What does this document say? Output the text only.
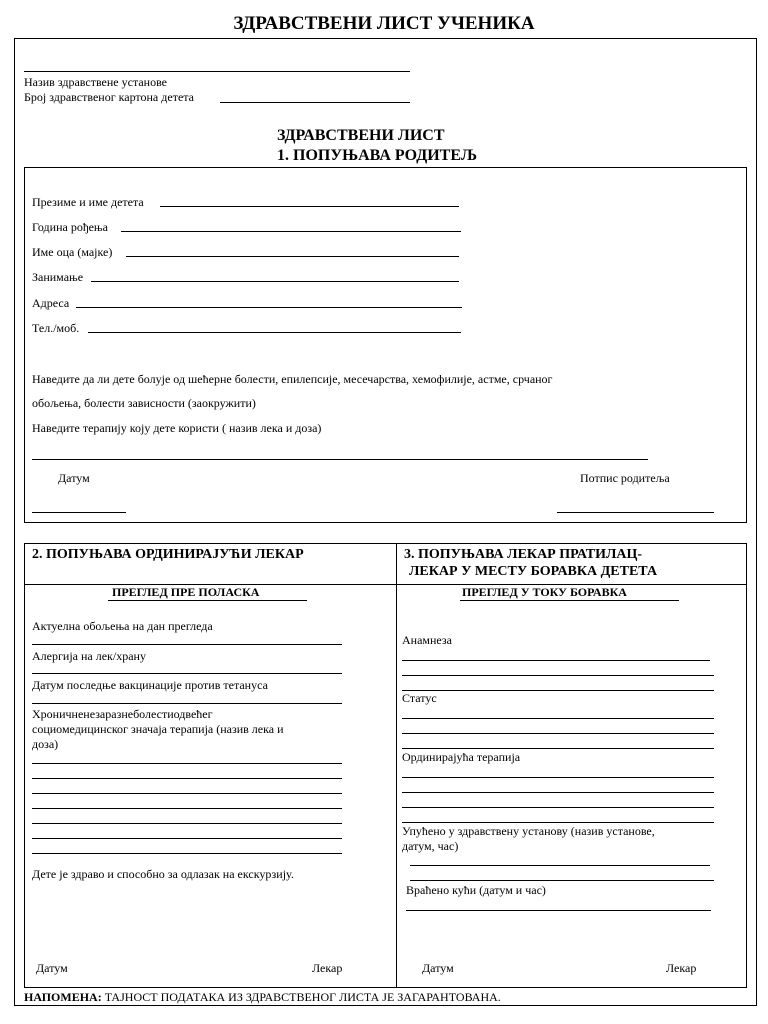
ЗДРАВСТВЕНИ ЛИСТ УЧЕНИКА
Назив здравствене установе
Број здравственог картона детета
ЗДРАВСТВЕНИ ЛИСТ
1. ПОПУЊАВА РОДИТЕЉ
Презиме и име детета
Година рођења
Име оца (мајке)
Занимање
Адреса
Тел./моб.
Наведите да ли дете болује од шећерне болести, епилепсије, месечарства, хемофилије, астме, срчаног
обољења, болести зависности (заокружити)
Наведите терапију коју дете користи ( назив лека и доза)
Датум	Потпис родитеља
2. ПОПУЊАВА ОРДИНИРАЈУЋИ ЛЕКАР
ПРЕГЛЕД ПРЕ ПОЛАСКА
Актуелна обољења на дан прегледа
Алергија на лек/храну
Датум последње вакцинације против тетануса
Хроничненезаразнеболестиодвећег
социомедицинског значаја терапија (назив лека и
доза)
Дете је здраво и способно за одлазак на екскурзију.
Датум	Лекар
3. ПОПУЊАВА ЛЕКАР ПРАТИЛАЦ-
ЛЕКАР У МЕСТУ БОРАВКА ДЕТЕТА
ПРЕГЛЕД У ТОКУ БОРАВКА
Анамнеза
Статус
Ординирајућа терапија
Упућено у здравствену установу (назив установе,
датум, час)
Враћено кући (датум и час)
Датум	Лекар
НАПОМЕНА: ТАЈНОСТ ПОДАТАКА ИЗ ЗДРАВСТВЕНОГ ЛИСТА ЈЕ ЗАГАРАНТОВАНА.
